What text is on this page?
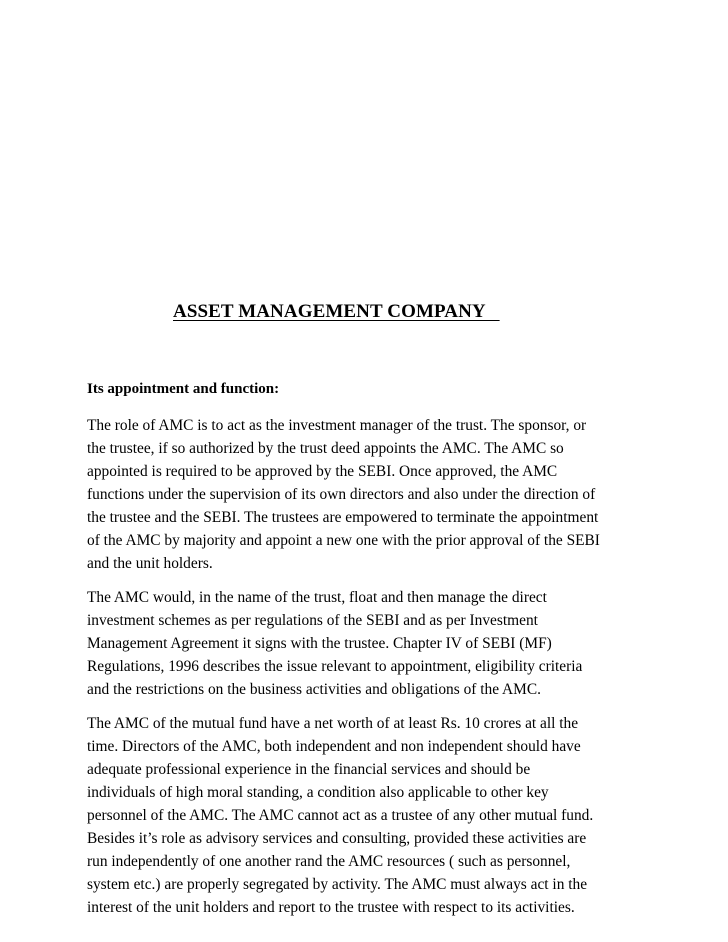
ASSET MANAGEMENT COMPANY
Its appointment and function:

The role of AMC is to act as the investment manager of the trust. The sponsor, or

the trustee, if so authorized by the trust deed appoints the AMC. The AMC so

appointed is required to be approved by the SEBI. Once approved, the AMC

functions under the supervision of its own directors and also under the direction of

the trustee and the SEBI. The trustees are empowered to terminate the appointment

of the AMC by majority and appoint a new one with the prior approval of the SEBI

and the unit holders.

The AMC would, in the name of the trust, float and then manage the direct

investment schemes as per regulations of the SEBI and as per Investment

Management Agreement it signs with the trustee. Chapter IV of SEBI (MF)

Regulations, 1996 describes the issue relevant to appointment, eligibility criteria

and the restrictions on the business activities and obligations of the AMC.

The AMC of the mutual fund have a net worth of at least Rs. 10 crores at all the

time. Directors of the AMC, both independent and non independent should have

adequate professional experience in the financial services and should be

individuals of high moral standing, a condition also applicable to other key

personnel of the AMC. The AMC cannot act as a trustee of any other mutual fund.

Besides it’s role as advisory services and consulting, provided these activities are

run independently of one another rand the AMC resources ( such as personnel,

system etc.) are properly segregated by activity. The AMC must always act in the

interest of the unit holders and report to the trustee with respect to its activities.
